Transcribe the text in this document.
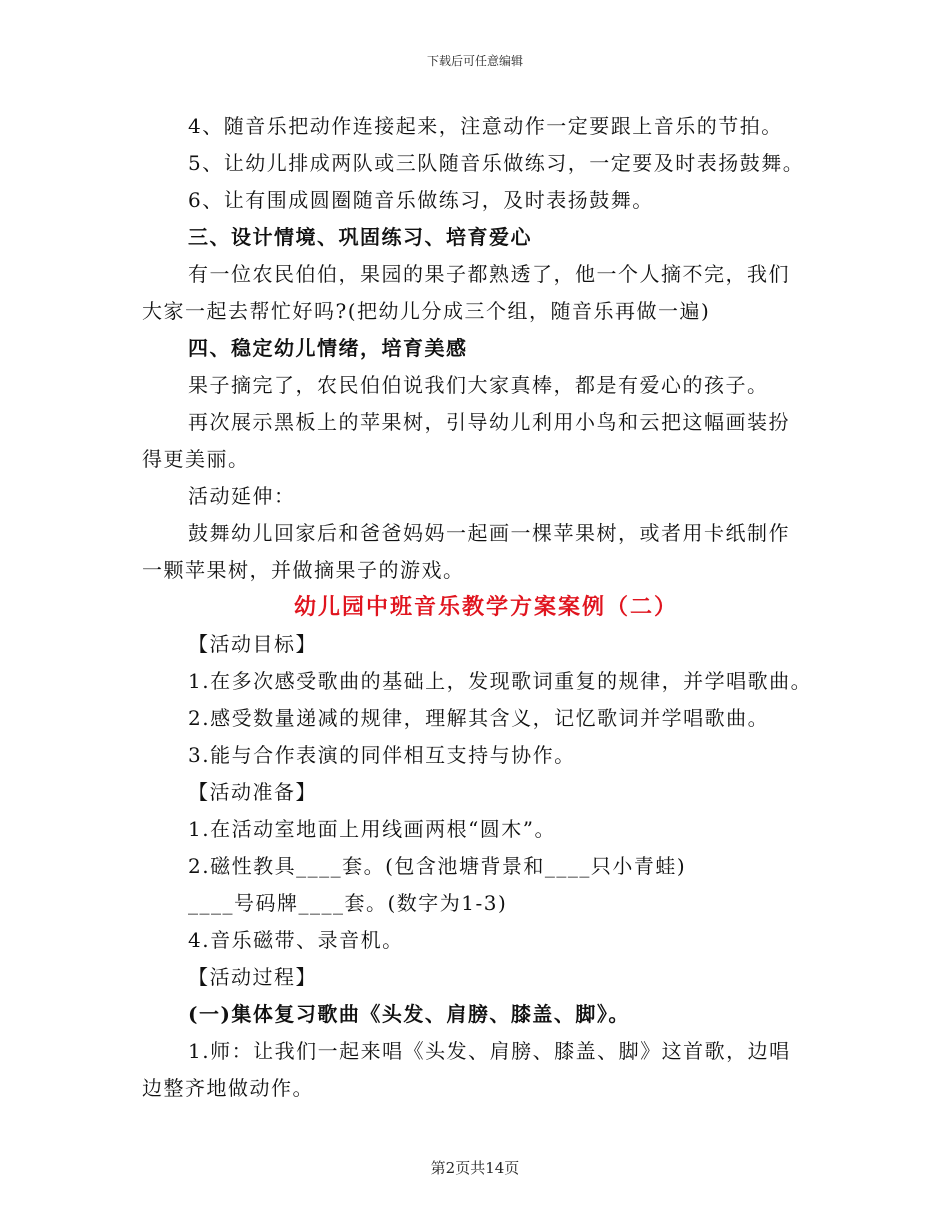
下载后可任意编辑
4、随音乐把动作连接起来，注意动作一定要跟上音乐的节拍。
5、让幼儿排成两队或三队随音乐做练习，一定要及时表扬鼓舞。
6、让有围成圆圈随音乐做练习，及时表扬鼓舞。
三、设计情境、巩固练习、培育爱心
有一位农民伯伯，果园的果子都熟透了，他一个人摘不完，我们
大家一起去帮忙好吗?(把幼儿分成三个组，随音乐再做一遍)
四、稳定幼儿情绪，培育美感
果子摘完了，农民伯伯说我们大家真棒，都是有爱心的孩子。
再次展示黑板上的苹果树，引导幼儿利用小鸟和云把这幅画装扮
得更美丽。
活动延伸：
鼓舞幼儿回家后和爸爸妈妈一起画一棵苹果树，或者用卡纸制作
一颗苹果树，并做摘果子的游戏。
幼儿园中班音乐教学方案案例（二）
【活动目标】
1.在多次感受歌曲的基础上，发现歌词重复的规律，并学唱歌曲。
2.感受数量递减的规律，理解其含义，记忆歌词并学唱歌曲。
3.能与合作表演的同伴相互支持与协作。
【活动准备】
1.在活动室地面上用线画两根“圆木”。
2.磁性教具____套。(包含池塘背景和____只小青蛙)
____号码牌____套。(数字为1-3)
4.音乐磁带、录音机。
【活动过程】
(一)集体复习歌曲《头发、肩膀、膝盖、脚》。
1.师：让我们一起来唱《头发、肩膀、膝盖、脚》这首歌，边唱
边整齐地做动作。
第2页共14页
